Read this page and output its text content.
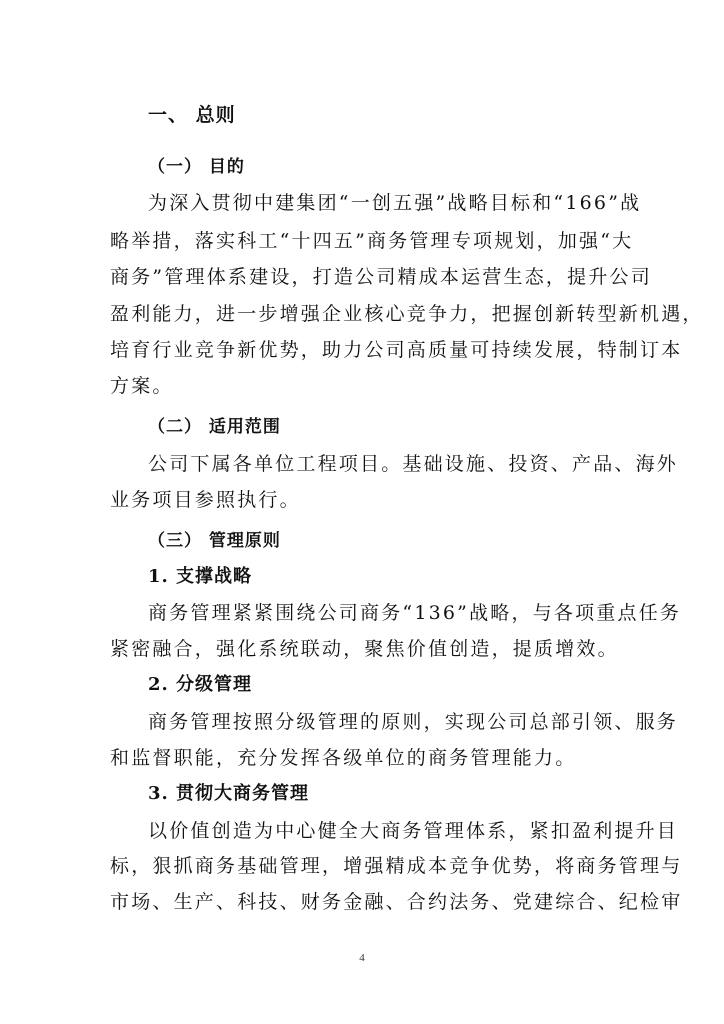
一、 总则
（一） 目的
为深入贯彻中建集团“一创五强”战略目标和“166”战
略举措，落实科工“十四五”商务管理专项规划，加强“大
商务”管理体系建设，打造公司精成本运营生态，提升公司
盈利能力，进一步增强企业核心竞争力，把握创新转型新机遇，
培育行业竞争新优势，助力公司高质量可持续发展，特制订本
方案。
（二） 适用范围
公司下属各单位工程项目。基础设施、投资、产品、海外
业务项目参照执行。
（三） 管理原则
1. 支撑战略
商务管理紧紧围绕公司商务“136”战略，与各项重点任务
紧密融合，强化系统联动，聚焦价值创造，提质增效。
2. 分级管理
商务管理按照分级管理的原则，实现公司总部引领、服务
和监督职能，充分发挥各级单位的商务管理能力。
3. 贯彻大商务管理
以价值创造为中心健全大商务管理体系，紧扣盈利提升目
标，狠抓商务基础管理，增强精成本竞争优势，将商务管理与
市场、生产、科技、财务金融、合约法务、党建综合、纪检审
4
